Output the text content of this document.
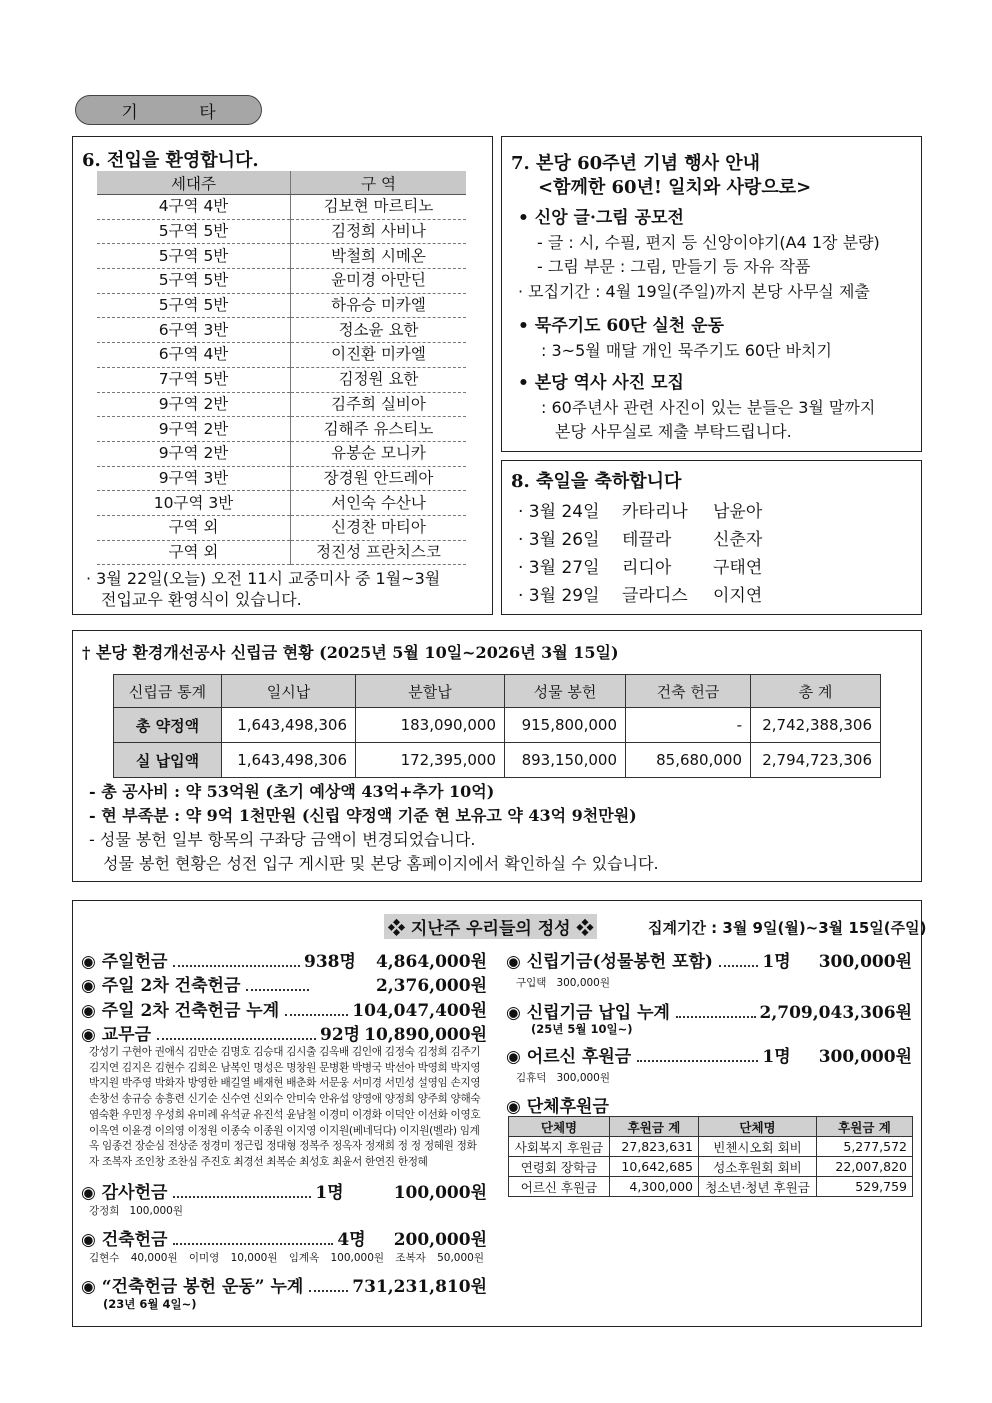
기 타
6. 전입을 환영합니다.
세대주	구 역
4구역 4반	김보현 마르티노
5구역 5반	김정희 사비나
5구역 5반	박철희 시메온
5구역 5반	윤미경 아만딘
5구역 5반	하유승 미카엘
6구역 3반	정소윤 요한
6구역 4반	이진환 미카엘
7구역 5반	김정원 요한
9구역 2반	김주희 실비아
9구역 2반	김해주 유스티노
9구역 2반	유봉순 모니카
9구역 3반	장경원 안드레아
10구역 3반	서인숙 수산나
구역 외	신경찬 마티아
구역 외	정진성 프란치스코
· 3월 22일(오늘) 오전 11시 교중미사 중 1월~3월
전입교우 환영식이 있습니다.
7. 본당 60주년 기념 행사 안내
<함께한 60년! 일치와 사랑으로>
• 신앙 글·그림 공모전
- 글 : 시, 수필, 편지 등 신앙이야기(A4 1장 분량)
- 그림 부문 : 그림, 만들기 등 자유 작품
· 모집기간 : 4월 19일(주일)까지 본당 사무실 제출
• 묵주기도 60단 실천 운동
: 3~5월 매달 개인 묵주기도 60단 바치기
• 본당 역사 사진 모집
: 60주년사 관련 사진이 있는 분들은 3월 말까지
본당 사무실로 제출 부탁드립니다.
8. 축일을 축하합니다
· 3월 24일 카타리나 남윤아
· 3월 26일 테끌라 신춘자
· 3월 27일 리디아 구태연
· 3월 29일 글라디스 이지연
† 본당 환경개선공사 신립금 현황 (2025년 5월 10일~2026년 3월 15일)
신립금 통계	일시납	분할납	성물 봉헌	건축 헌금	총 계
총 약정액	1,643,498,306	183,090,000	915,800,000	-	2,742,388,306
실 납입액	1,643,498,306	172,395,000	893,150,000	85,680,000	2,794,723,306
- 총 공사비 : 약 53억원 (초기 예상액 43억+추가 10억)
- 현 부족분 : 약 9억 1천만원 (신립 약정액 기준 현 보유고 약 43억 9천만원)
- 성물 봉헌 일부 항목의 구좌당 금액이 변경되었습니다.
성물 봉헌 현황은 성전 입구 게시판 및 본당 홈페이지에서 확인하실 수 있습니다.
❖ 지난주 우리들의 정성 ❖	집계기간 : 3월 9일(월)~3월 15일(주일)
◉ 주일헌금	938명 4,864,000원
◉ 주일 2차 건축헌금	2,376,000원
◉ 주일 2차 건축헌금 누계	104,047,400원
◉ 교무금	92명 10,890,000원
강성기 구현아 권애식 김만순 김명호 김승대 김시출 김옥배 김인애 김정숙 김정희 김주기 김지연 김지은 김현수 김희은 남복인 명성은 명창원 문병환 박병국 박선아 박영희 박지영 박지원 박주영 박화자 방영한 배길열 배재현 배춘화 서문웅 서미경 서민성 설영임 손지영 손창선 송규승 송흥련 신기순 신수연 신외수 안미숙 안유섭 양영애 양정희 양주희 양해숙 염숙환 우민정 우성희 유미례 유석균 유진석 윤남철 이경미 이경화 이덕안 이선화 이영호 이옥연 이윤경 이의영 이정원 이종숙 이종원 이지영 이지원(베네딕다) 이지원(벨라) 임계옥 임종건 장순심 전상준 정경미 정근립 정대형 정복주 정옥자 정재희 정 정 정혜원 정화자 조복자 조인창 조찬심 주진호 최경선 최복순 최성호 최윤서 한연진 한정혜
◉ 감사헌금	1명	100,000원
강정희   100,000원
◉ 건축헌금	4명 200,000원
김현수 40,000원 이미영 10,000원 임계옥 100,000원 조복자 50,000원
◉ “건축헌금 봉헌 운동” 누계	731,231,810원
(23년 6월 4일~)
◉ 신립기금(성물봉헌 포함)	1명 300,000원
구입택   300,000원
◉ 신립기금 납입 누계	2,709,043,306원
(25년 5월 10일~)
◉ 어르신 후원금	1명 300,000원
김휴덕   300,000원
◉ 단체후원금
단체명	후원금 계	단체명	후원금 계
사회복지 후원금	27,823,631	빈첸시오회 회비	5,277,572
연령회 장학금	10,642,685	성소후원회 회비	22,007,820
어르신 후원금	4,300,000	청소년·청년 후원금	529,759
